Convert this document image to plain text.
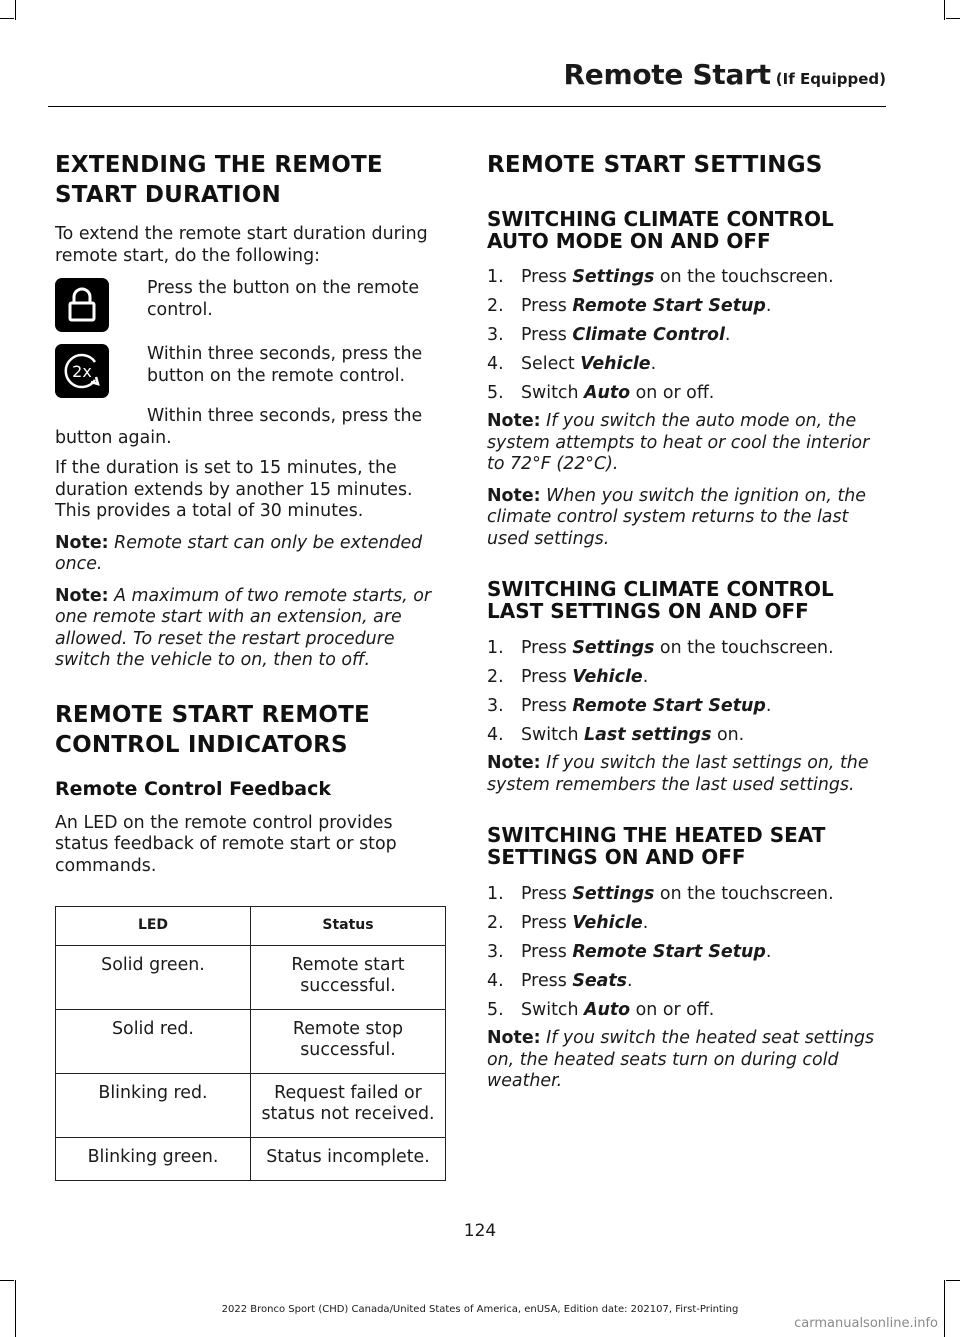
Remote Start (If Equipped)
EXTENDING THE REMOTE
START DURATION

To extend the remote start duration during remote start, do the following:

Press the button on the remote control.

2x

Within three seconds, press the button on the remote control.

Within three seconds, press the button again.

If the duration is set to 15 minutes, the duration extends by another 15 minutes. This provides a total of 30 minutes.

Note: Remote start can only be extended once.

Note: A maximum of two remote starts, or one remote start with an extension, are allowed. To reset the restart procedure switch the vehicle to on, then to off.

REMOTE START REMOTE
CONTROL INDICATORS
Remote Control Feedback

An LED on the remote control provides status feedback of remote start or stop commands.

LED	Status
Solid green.	Remote start successful.
Solid red.	Remote stop successful.
Blinking red.	Request failed or status not received.
Blinking green.	Status incomplete.
REMOTE START SETTINGS
SWITCHING CLIMATE CONTROL AUTO MODE ON AND OFF
1.	Press Settings on the touchscreen.
2.	Press Remote Start Setup.
3.	Press Climate Control.
4.	Select Vehicle.
5.	Switch Auto on or off.

Note: If you switch the auto mode on, the system attempts to heat or cool the interior to 72°F (22°C).

Note: When you switch the ignition on, the climate control system returns to the last used settings.

SWITCHING CLIMATE CONTROL LAST SETTINGS ON AND OFF
1.	Press Settings on the touchscreen.
2.	Press Vehicle.
3.	Press Remote Start Setup.
4.	Switch Last settings on.

Note: If you switch the last settings on, the system remembers the last used settings.

SWITCHING THE HEATED SEAT SETTINGS ON AND OFF
1.	Press Settings on the touchscreen.
2.	Press Vehicle.
3.	Press Remote Start Setup.
4.	Press Seats.
5.	Switch Auto on or off.

Note: If you switch the heated seat settings on, the heated seats turn on during cold weather.

124
2022 Bronco Sport (CHD) Canada/United States of America, enUSA, Edition date: 202107, First-Printing
carmanualsonline.info
